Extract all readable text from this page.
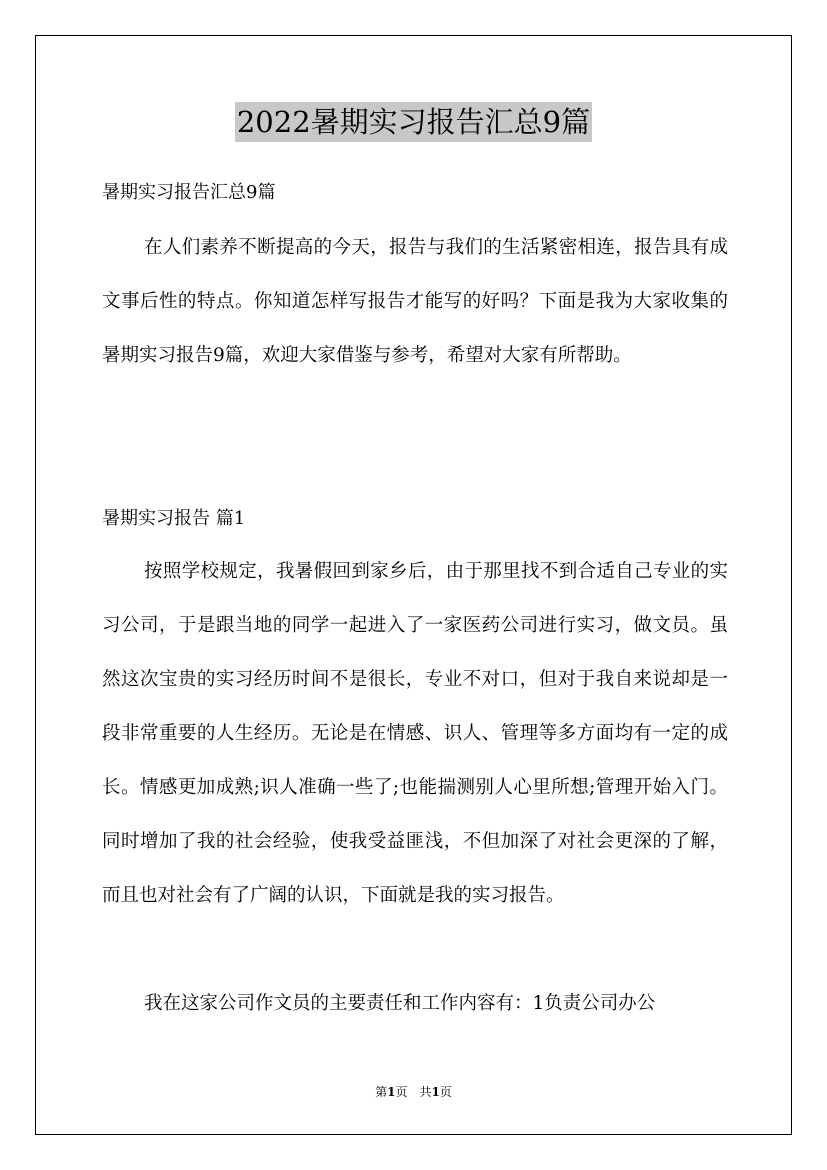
2022暑期实习报告汇总9篇
暑期实习报告汇总9篇

在人们素养不断提高的今天，报告与我们的生活紧密相连，报告具有成文事后性的特点。你知道怎样写报告才能写的好吗？下面是我为大家收集的暑期实习报告9篇，欢迎大家借鉴与参考，希望对大家有所帮助。

暑期实习报告 篇1

按照学校规定，我暑假回到家乡后，由于那里找不到合适自己专业的实习公司，于是跟当地的同学一起进入了一家医药公司进行实习，做文员。虽然这次宝贵的实习经历时间不是很长，专业不对口，但对于我自来说却是一段非常重要的人生经历。无论是在情感、识人、管理等多方面均有一定的成长。情感更加成熟;识人准确一些了;也能揣测别人心里所想;管理开始入门。同时增加了我的社会经验，使我受益匪浅，不但加深了对社会更深的了解，而且也对社会有了广阔的认识，下面就是我的实习报告。

我在这家公司作文员的主要责任和工作内容有：1负责公司办公

第1页　共1页
